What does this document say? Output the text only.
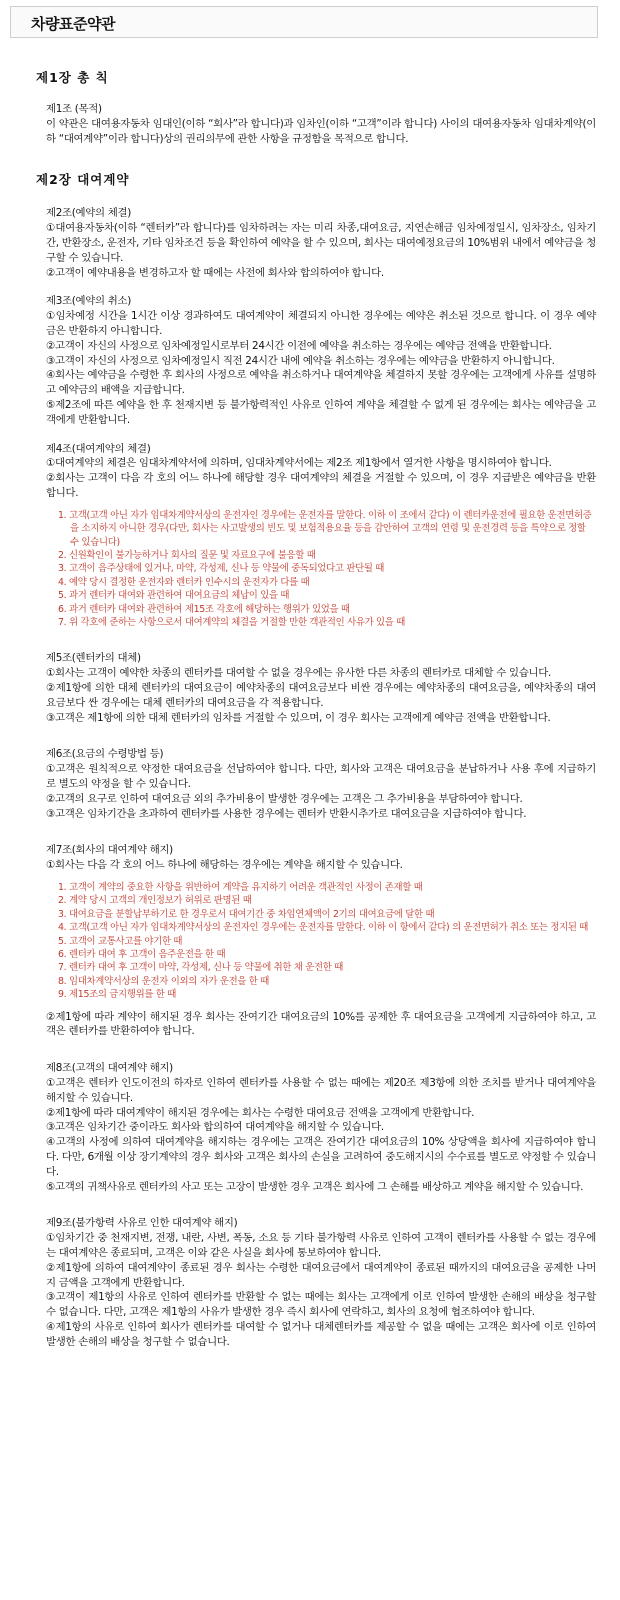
차량표준약관
제1장 총 칙
제1조 (목적)

이 약관은 대여용자동차 임대인(이하 “회사”라 합니다)과 임차인(이하 “고객”이라 합니다) 사이의 대여용자동차 임대차계약(이하 “대여계약”이라 합니다)상의 권리의무에 관한 사항을 규정함을 목적으로 합니다.

제2장 대여계약
제2조(예약의 체결)

①대여용자동차(이하 “렌터카”라 합니다)를 임차하려는 자는 미리 차종,대여요금, 지연손해금 임차예정일시, 임차장소, 임차기간, 반환장소, 운전자, 기타 임차조건 등을 확인하여 예약을 할 수 있으며, 회사는 대여예정요금의 10%범위 내에서 예약금을 청구할 수 있습니다.

②고객이 예약내용을 변경하고자 할 때에는 사전에 회사와 합의하여야 합니다.

제3조(예약의 취소)

①임차예정 시간을 1시간 이상 경과하여도 대여계약이 체결되지 아니한 경우에는 예약은 취소된 것으로 합니다. 이 경우 예약금은 반환하지 아니합니다.

②고객이 자신의 사정으로 임차예정일시로부터 24시간 이전에 예약을 취소하는 경우에는 예약금 전액을 반환합니다.

③고객이 자신의 사정으로 임차예정일시 직전 24시간 내에 예약을 취소하는 경우에는 예약금을 반환하지 아니합니다.

④회사는 예약금을 수령한 후 회사의 사정으로 예약을 취소하거나 대여계약을 체결하지 못할 경우에는 고객에게 사유를 설명하고 예약금의 배액을 지급합니다.

⑤제2조에 따른 예약을 한 후 천재지변 등 불가항력적인 사유로 인하여 계약을 체결할 수 없게 된 경우에는 회사는 예약금을 고객에게 반환합니다.

제4조(대여계약의 체결)

①대여계약의 체결은 임대차계약서에 의하며, 임대차계약서에는 제2조 제1항에서 열거한 사항을 명시하여야 합니다.

②회사는 고객이 다음 각 호의 어느 하나에 해당할 경우 대여계약의 체결을 거절할 수 있으며, 이 경우 지급받은 예약금을 반환합니다.

1. 고객(고객 아닌 자가 임대차계약서상의 운전자인 경우에는 운전자를 말한다. 이하 이 조에서 같다) 이 렌터카운전에 필요한 운전면허증을 소지하지 아니한 경우(다만, 회사는 사고발생의 빈도 및 보험적용요율 등을 감안하여 고객의 연령 및 운전경력 등을 특약으로 정할 수 있습니다)
2. 신원확인이 불가능하거나 회사의 질문 및 자료요구에 불응할 때
3. 고객이 음주상태에 있거나, 마약, 각성제, 신나 등 약물에 중독되었다고 판단될 때
4. 예약 당시 결정한 운전자와 렌터카 인수시의 운전자가 다를 때
5. 과거 렌터카 대여와 관련하여 대여요금의 체납이 있을 때
6. 과거 렌터카 대여와 관련하여 제15조 각호에 해당하는 행위가 있었을 때
7. 위 각호에 준하는 사항으로서 대여계약의 체결을 거절할 만한 객관적인 사유가 있을 때
제5조(렌터카의 대체)

①회사는 고객이 예약한 차종의 렌터카를 대여할 수 없을 경우에는 유사한 다른 차종의 렌터카로 대체할 수 있습니다.

②제1항에 의한 대체 렌터카의 대여요금이 예약차종의 대여요금보다 비싼 경우에는 예약차종의 대여요금을, 예약차종의 대여요금보다 싼 경우에는 대체 렌터카의 대여요금을 각 적용합니다.

③고객은 제1항에 의한 대체 렌터카의 임차를 거절할 수 있으며, 이 경우 회사는 고객에게 예약금 전액을 반환합니다.

제6조(요금의 수령방법 등)

①고객은 원칙적으로 약정한 대여요금을 선납하여야 합니다. 다만, 회사와 고객은 대여요금을 분납하거나 사용 후에 지급하기로 별도의 약정을 할 수 있습니다.

②고객의 요구로 인하여 대여요금 외의 추가비용이 발생한 경우에는 고객은 그 추가비용을 부담하여야 합니다.

③고객은 임차기간을 초과하여 렌터카를 사용한 경우에는 렌터카 반환시추가로 대여요금을 지급하여야 합니다.

제7조(회사의 대여계약 해지)

①회사는 다음 각 호의 어느 하나에 해당하는 경우에는 계약을 해지할 수 있습니다.

1. 고객이 계약의 중요한 사항을 위반하여 계약을 유지하기 어려운 객관적인 사정이 존재할 때
2. 계약 당시 고객의 개인정보가 허위로 판명된 때
3. 대여요금을 분할납부하기로 한 경우로서 대여기간 중 차임연체액이 2기의 대여요금에 달한 때
4. 고객(고객 아닌 자가 임대차계약서상의 운전자인 경우에는 운전자를 말한다. 이하 이 항에서 같다) 의 운전면허가 취소 또는 정지된 때
5. 고객이 교통사고를 야기한 때
6. 렌터카 대여 후 고객이 음주운전을 한 때
7. 렌터카 대여 후 고객이 마약, 각성제, 신나 등 약물에 취한 채 운전한 때
8. 임대차계약서상의 운전자 이외의 자가 운전을 한 때
9. 제15조의 금지행위를 한 때

②제1항에 따라 계약이 해지된 경우 회사는 잔여기간 대여요금의 10%를 공제한 후 대여요금을 고객에게 지급하여야 하고, 고객은 렌터카를 반환하여야 합니다.

제8조(고객의 대여계약 해지)

①고객은 렌터카 인도이전의 하자로 인하여 렌터카를 사용할 수 없는 때에는 제20조 제3항에 의한 조치를 받거나 대여계약을 해지할 수 있습니다.

②제1항에 따라 대여계약이 해지된 경우에는 회사는 수령한 대여요금 전액을 고객에게 반환합니다.

③고객은 임차기간 중이라도 회사와 합의하여 대여계약을 해지할 수 있습니다.

④고객의 사정에 의하여 대여계약을 해지하는 경우에는 고객은 잔여기간 대여요금의 10% 상당액을 회사에 지급하여야 합니다. 다만, 6개월 이상 장기계약의 경우 회사와 고객은 회사의 손실을 고려하여 중도해지시의 수수료를 별도로 약정할 수 있습니다.

⑤고객의 귀책사유로 렌터카의 사고 또는 고장이 발생한 경우 고객은 회사에 그 손해를 배상하고 계약을 해지할 수 있습니다.

제9조(불가항력 사유로 인한 대여계약 해지)

①임차기간 중 천재지변, 전쟁, 내란, 사변, 폭동, 소요 등 기타 불가항력 사유로 인하여 고객이 렌터카를 사용할 수 없는 경우에는 대여계약은 종료되며, 고객은 이와 같은 사실을 회사에 통보하여야 합니다.

②제1항에 의하여 대여계약이 종료된 경우 회사는 수령한 대여요금에서 대여계약이 종료된 때까지의 대여요금을 공제한 나머지 금액을 고객에게 반환합니다.

③고객이 제1항의 사유로 인하여 렌터카를 반환할 수 없는 때에는 회사는 고객에게 이로 인하여 발생한 손해의 배상을 청구할 수 없습니다. 다만, 고객은 제1항의 사유가 발생한 경우 즉시 회사에 연락하고, 회사의 요청에 협조하여야 합니다.

④제1항의 사유로 인하여 회사가 렌터카를 대여할 수 없거나 대체렌터카를 제공할 수 없을 때에는 고객은 회사에 이로 인하여 발생한 손해의 배상을 청구할 수 없습니다.
